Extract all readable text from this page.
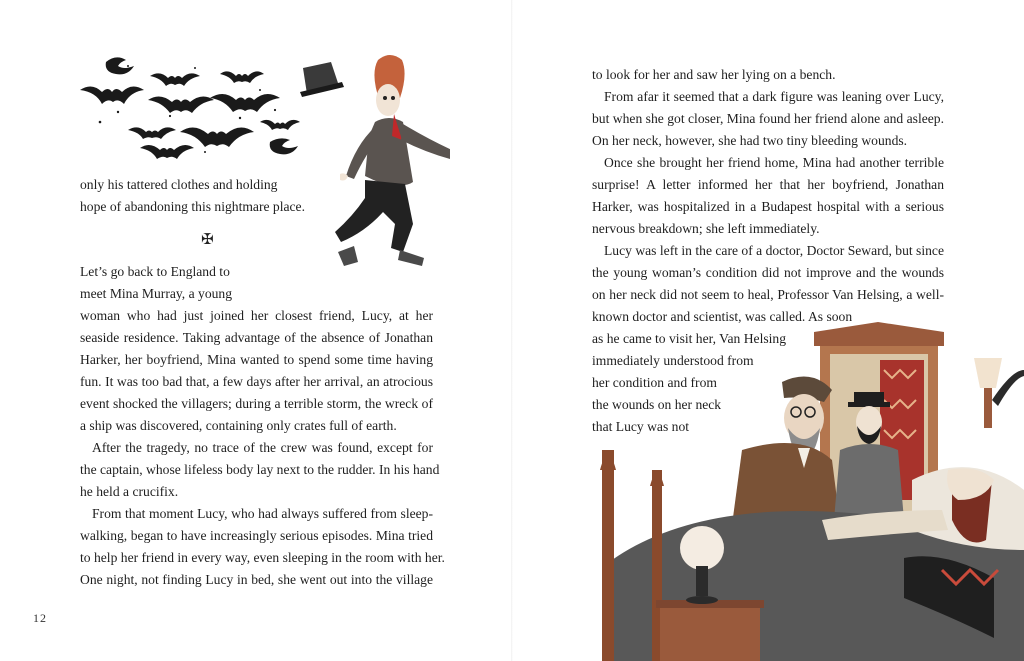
only his tattered clothes and holding
hope of abandoning this nightmare place.
✠
Let’s go back to England to
meet Mina Murray, a young
woman who had just joined her closest friend, Lucy, at her
seaside residence. Taking advantage of the absence of Jonathan
Harker, her boyfriend, Mina wanted to spend some time having
fun. It was too bad that, a few days after her arrival, an atrocious
event shocked the villagers; during a terrible storm, the wreck of
a ship was discovered, containing only crates full of earth.
After the tragedy, no trace of the crew was found, except for
the captain, whose lifeless body lay next to the rudder. In his hand
he held a crucifix.
From that moment Lucy, who had always suffered from sleep-
walking, began to have increasingly serious episodes. Mina tried
to help her friend in every way, even sleeping in the room with her.
One night, not finding Lucy in bed, she went out into the village
12
to look for her and saw her lying on a bench.
From afar it seemed that a dark figure was leaning over Lucy,
but when she got closer, Mina found her friend alone and asleep.
On her neck, however, she had two tiny bleeding wounds.
Once she brought her friend home, Mina had another terrible
surprise! A letter informed her that her boyfriend, Jonathan
Harker, was hospitalized in a Budapest hospital with a serious
nervous breakdown; she left immediately.
Lucy was left in the care of a doctor, Doctor Seward, but since
the young woman’s condition did not improve and the wounds
on her neck did not seem to heal, Professor Van Helsing, a well-
known doctor and scientist, was called. As soon
as he came to visit her, Van Helsing
immediately understood from
her condition and from
the wounds on her neck
that Lucy was not
